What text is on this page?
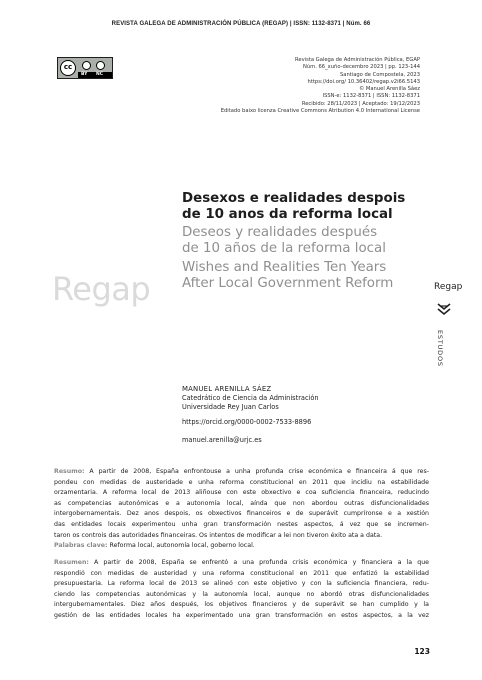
REVISTA GALEGA DE ADMINISTRACIÓN PÚBLICA (REGAP) | ISSN: 1132-8371 | Núm. 66
cc
BY NC
Revista Galega de Administración Pública, EGAP
Núm. 66_xuño-decembro 2023 | pp. 123-144
Santiago de Compostela, 2023
https://doi.org/ 10.36402/regap.v2i66.5143
© Manuel Arenilla Sáez
ISSN-e: 1132-8371 | ISSN: 1132-8371
Recibido: 28/11/2023 | Aceptado: 19/12/2023
Editado baixo licenza Creative Commons Atribution 4.0 International License
Desexos e realidades despois
de 10 anos da reforma local
Deseos y realidades después
de 10 años de la reforma local
Wishes and Realities Ten Years
After Local Government Reform
Regap	Regap
ESTUDOS
MANUEL ARENILLA SÁEZ
Catedrático de Ciencia da Administración
Universidade Rey Juan Carlos
https://orcid.org/0000-0002-7533-8896
manuel.arenilla@urjc.es
Resumo: A partir de 2008, España enfrontouse a unha profunda crise económica e financeira á que res-
pondeu con medidas de austeridade e unha reforma constitucional en 2011 que incidiu na estabilidade
orzamentaria. A reforma local de 2013 aliñouse con este obxectivo e coa suficiencia financeira, reducindo
as competencias autonómicas e a autonomía local, aínda que non abordou outras disfuncionalidades
intergobernamentais. Dez anos despois, os obxectivos financeiros e de superávit cumpríronse e a xestión
das entidades locais experimentou unha gran transformación nestes aspectos, á vez que se incremen-
taron os controis das autoridades financeiras. Os intentos de modificar a lei non tiveron éxito ata a data.
Palabras clave: Reforma local, autonomía local, goberno local.
Resumen: A partir de 2008, España se enfrentó a una profunda crisis económica y financiera a la que
respondió con medidas de austeridad y una reforma constitucional en 2011 que enfatizó la estabilidad
presupuestaria. La reforma local de 2013 se alineó con este objetivo y con la suficiencia financiera, redu-
ciendo las competencias autonómicas y la autonomía local, aunque no abordó otras disfuncionalidades
intergubernamentales. Diez años después, los objetivos financieros y de superávit se han cumplido y la
gestión de las entidades locales ha experimentado una gran transformación en estos aspectos, a la vez
123
